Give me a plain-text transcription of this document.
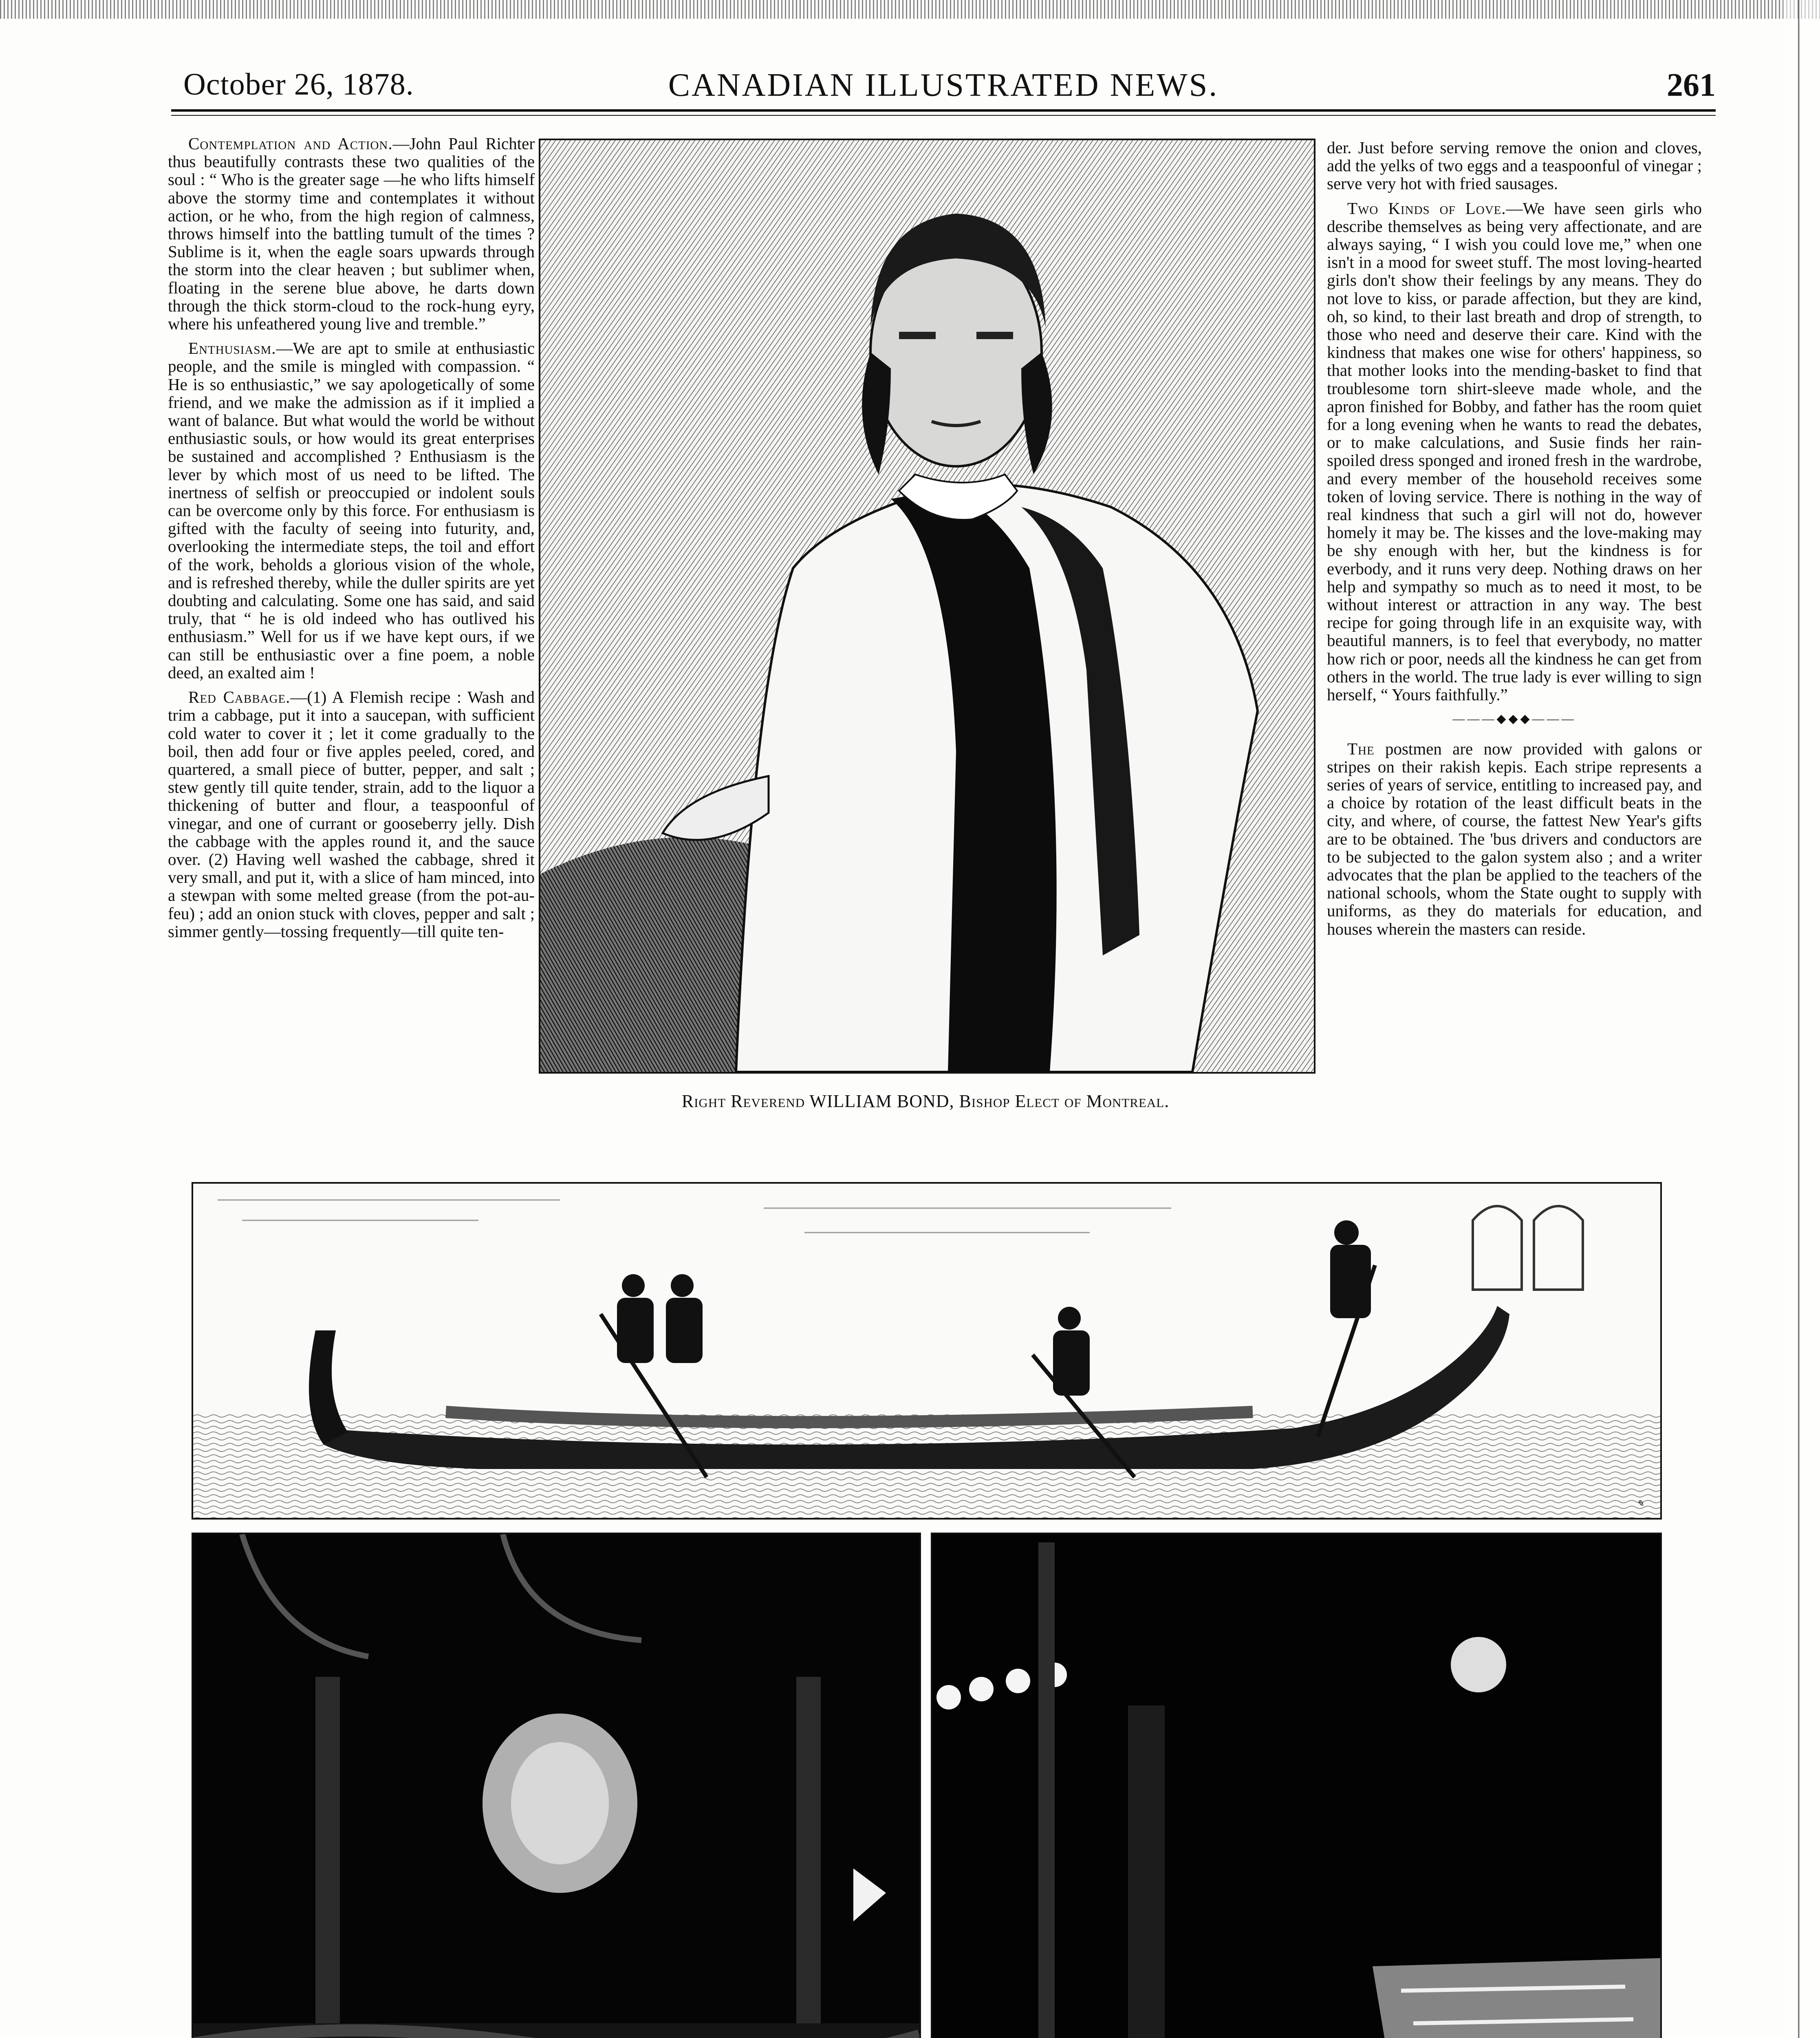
October 26, 1878.	CANADIAN ILLUSTRATED NEWS.	261

Contemplation and Action.—John Paul Richter thus beautifully contrasts these two qualities of the soul : “ Who is the greater sage —he who lifts himself above the stormy time and contemplates it without action, or he who, from the high region of calmness, throws himself into the battling tumult of the times ? Sublime is it, when the eagle soars upwards through the storm into the clear heaven ; but sublimer when, floating in the serene blue above, he darts down through the thick storm-cloud to the rock-hung eyry, where his unfeathered young live and tremble.”

Enthusiasm.—We are apt to smile at enthusiastic people, and the smile is mingled with compassion. “ He is so enthusiastic,” we say apologetically of some friend, and we make the admission as if it implied a want of balance. But what would the world be without enthusiastic souls, or how would its great enterprises be sustained and accomplished ? Enthusiasm is the lever by which most of us need to be lifted. The inertness of selfish or preoccupied or indolent souls can be overcome only by this force. For enthusiasm is gifted with the faculty of seeing into futurity, and, overlooking the intermediate steps, the toil and effort of the work, beholds a glorious vision of the whole, and is refreshed thereby, while the duller spirits are yet doubting and calculating. Some one has said, and said truly, that “ he is old indeed who has outlived his enthusiasm.” Well for us if we have kept ours, if we can still be enthusiastic over a fine poem, a noble deed, an exalted aim !

Red Cabbage.—(1) A Flemish recipe : Wash and trim a cabbage, put it into a saucepan, with sufficient cold water to cover it ; let it come gradually to the boil, then add four or five apples peeled, cored, and quartered, a small piece of butter, pepper, and salt ; stew gently till quite tender, strain, add to the liquor a thickening of butter and flour, a teaspoonful of vinegar, and one of currant or gooseberry jelly. Dish the cabbage with the apples round it, and the sauce over. (2) Having well washed the cabbage, shred it very small, and put it, with a slice of ham minced, into a stewpan with some melted grease (from the pot-au-feu) ; add an onion stuck with cloves, pepper and salt ; simmer gently—tossing frequently—till quite ten-

Right Reverend WILLIAM BOND, Bishop Elect of Montreal.

der. Just before serving remove the onion and cloves, add the yelks of two eggs and a teaspoonful of vinegar ; serve very hot with fried sausages.

Two Kinds of Love.—We have seen girls who describe themselves as being very affectionate, and are always saying, “ I wish you could love me,” when one isn't in a mood for sweet stuff. The most loving-hearted girls don't show their feelings by any means. They do not love to kiss, or parade affection, but they are kind, oh, so kind, to their last breath and drop of strength, to those who need and deserve their care. Kind with the kindness that makes one wise for others' happiness, so that mother looks into the mending-basket to find that troublesome torn shirt-sleeve made whole, and the apron finished for Bobby, and father has the room quiet for a long evening when he wants to read the debates, or to make calculations, and Susie finds her rain-spoiled dress sponged and ironed fresh in the wardrobe, and every member of the household receives some token of loving service. There is nothing in the way of real kindness that such a girl will not do, however homely it may be. The kisses and the love-making may be shy enough with her, but the kindness is for everbody, and it runs very deep. Nothing draws on her help and sympathy so much as to need it most, to be without interest or attraction in any way. The best recipe for going through life in an exquisite way, with beautiful manners, is to feel that everybody, no matter how rich or poor, needs all the kindness he can get from others in the world. The true lady is ever willing to sign herself, “ Yours faithfully.”

———◆◆◆———

The postmen are now provided with galons or stripes on their rakish kepis. Each stripe represents a series of years of service, entitling to increased pay, and a choice by rotation of the least difficult beats in the city, and where, of course, the fattest New Year's gifts are to be obtained. The 'bus drivers and conductors are to be subjected to the galon system also ; and a writer advocates that the plan be applied to the teachers of the national schools, whom the State ought to supply with uniforms, as they do materials for education, and houses wherein the masters can reside.

✎
